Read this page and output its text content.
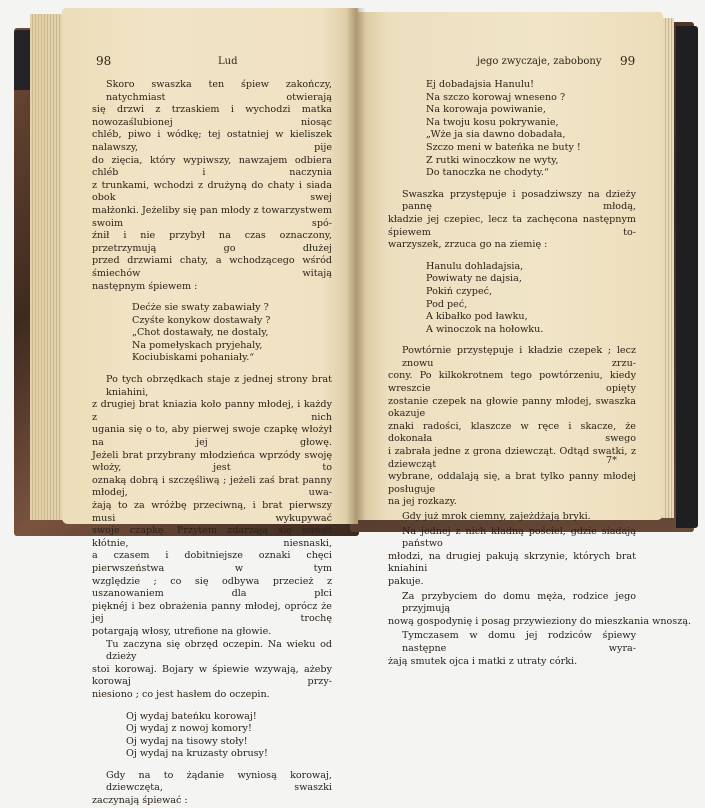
98	Lud
Skoro swaszka ten śpiew zakończy, natychmiast otwierają
się drzwi z trzaskiem i wychodzi matka nowozaślubionej niosąc
chléb, piwo i wódkę; tej ostatniej w kieliszek nalawszy, pije
do zięcia, który wypiwszy, nawzajem odbiera chléb i naczynia
z trunkami, wchodzi z drużyną do chaty i siada obok swej
małżonki. Jeżeliby się pan młody z towarzystwem swoim spó-
źnił i nie przybył na czas oznaczony, przetrzymują go dłużej
przed drzwiami chaty, a wchodzącego wśród śmiechów witają
następnym śpiewem :
Dećże sie swaty zabawiały ?
Czyśte konykow dostawały ?
„Chot dostawały, ne dostaly,
Na pomełyskach pryjehaly,
Kociubiskami pohaniały.“
Po tych obrzędkach staje z jednej strony brat kniahini,
z drugiej brat kniazia koło panny młodej, i każdy z nich
ugania się o to, aby pierwej swoje czapkę włożył na jej głowę.
Jeżeli brat przybrany młodzieńca wprzódy swoję włoży, jest to
oznaką dobrą i szczęśliwą ; jeżeli zaś brat panny młodej, uwa-
żają to za wróżbę przeciwną, i brat pierwszy musi wykupywać
swoje czapkę. Przytem zdarzają się nawet kłótnie, niesnaski,
a czasem i dobitniejsze oznaki chęci pierwszeństwa w tym
względzie ; co się odbywa przecież z uszanowaniem dla płci
pięknéj i bez obrażenia panny młodej, oprócz że jej trochę
potargają włosy, utrefione na głowie.
Tu zaczyna się obrzęd oczepin. Na wieku od dzieży
stoi korowaj. Bojary w śpiewie wzywają, ażeby korowaj przy-
niesiono ; co jest hasłem do oczepin.
Oj wydaj bateńku korowaj!
Oj wydaj z nowoj komory!
Oj wydaj na tisowy stoły!
Oj wydaj na kruzasty obrusy!
Gdy na to żądanie wyniosą korowaj, dziewczęta, swaszki
zaczynają śpiewać :
jego zwyczaje, zabobony 99
Ej dobadajsia Hanulu!
Na szczo korowaj wneseno ?
Na korowaja powiwanie,
Na twoju kosu pokrywanie,
„Wże ja sia dawno dobadała,
Szczo meni w bateńka ne buty !
Z rutki winoczkow ne wyty,
Do tanoczka ne chodyty.“
Swaszka przystępuje i posadziwszy na dzieży pannę młodą,
kładzie jej czepiec, lecz ta zachęcona następnym śpiewem to-
warzyszek, zrzuca go na ziemię :
Hanulu dohladajsia,
Powiwaty ne dajsia,
Pokiń czypeć,
Pod peć,
A kibałko pod ławku,
A winoczok na hołowku.
Powtórnie przystępuje i kładzie czepek ; lecz znowu zrzu-
cony. Po kilkokrotnem tego powtórzeniu, kiedy wreszcie opięty
zostanie czepek na głowie panny młodej, swaszka okazuje
znaki radości, klaszcze w ręce i skacze, że dokonała swego
i zabrała jedne z grona dziewcząt. Odtąd swatki, z dziewcząt
wybrane, oddalają się, a brat tylko panny młodej posługuje
na jej rozkazy.
Gdy już mrok ciemny, zajeżdżają bryki.
Na jednej z nich kładną pościel, gdzie siadają państwo
młodzi, na drugiej pakują skrzynie, których brat kniahini
pakuje.
Za przybyciem do domu męża, rodzice jego przyjmują
nową gospodynię i posag przywieziony do mieszkania wnoszą.
Tymczasem w domu jej rodziców śpiewy następne wyra-
żają smutek ojca i matki z utraty córki.
7*
